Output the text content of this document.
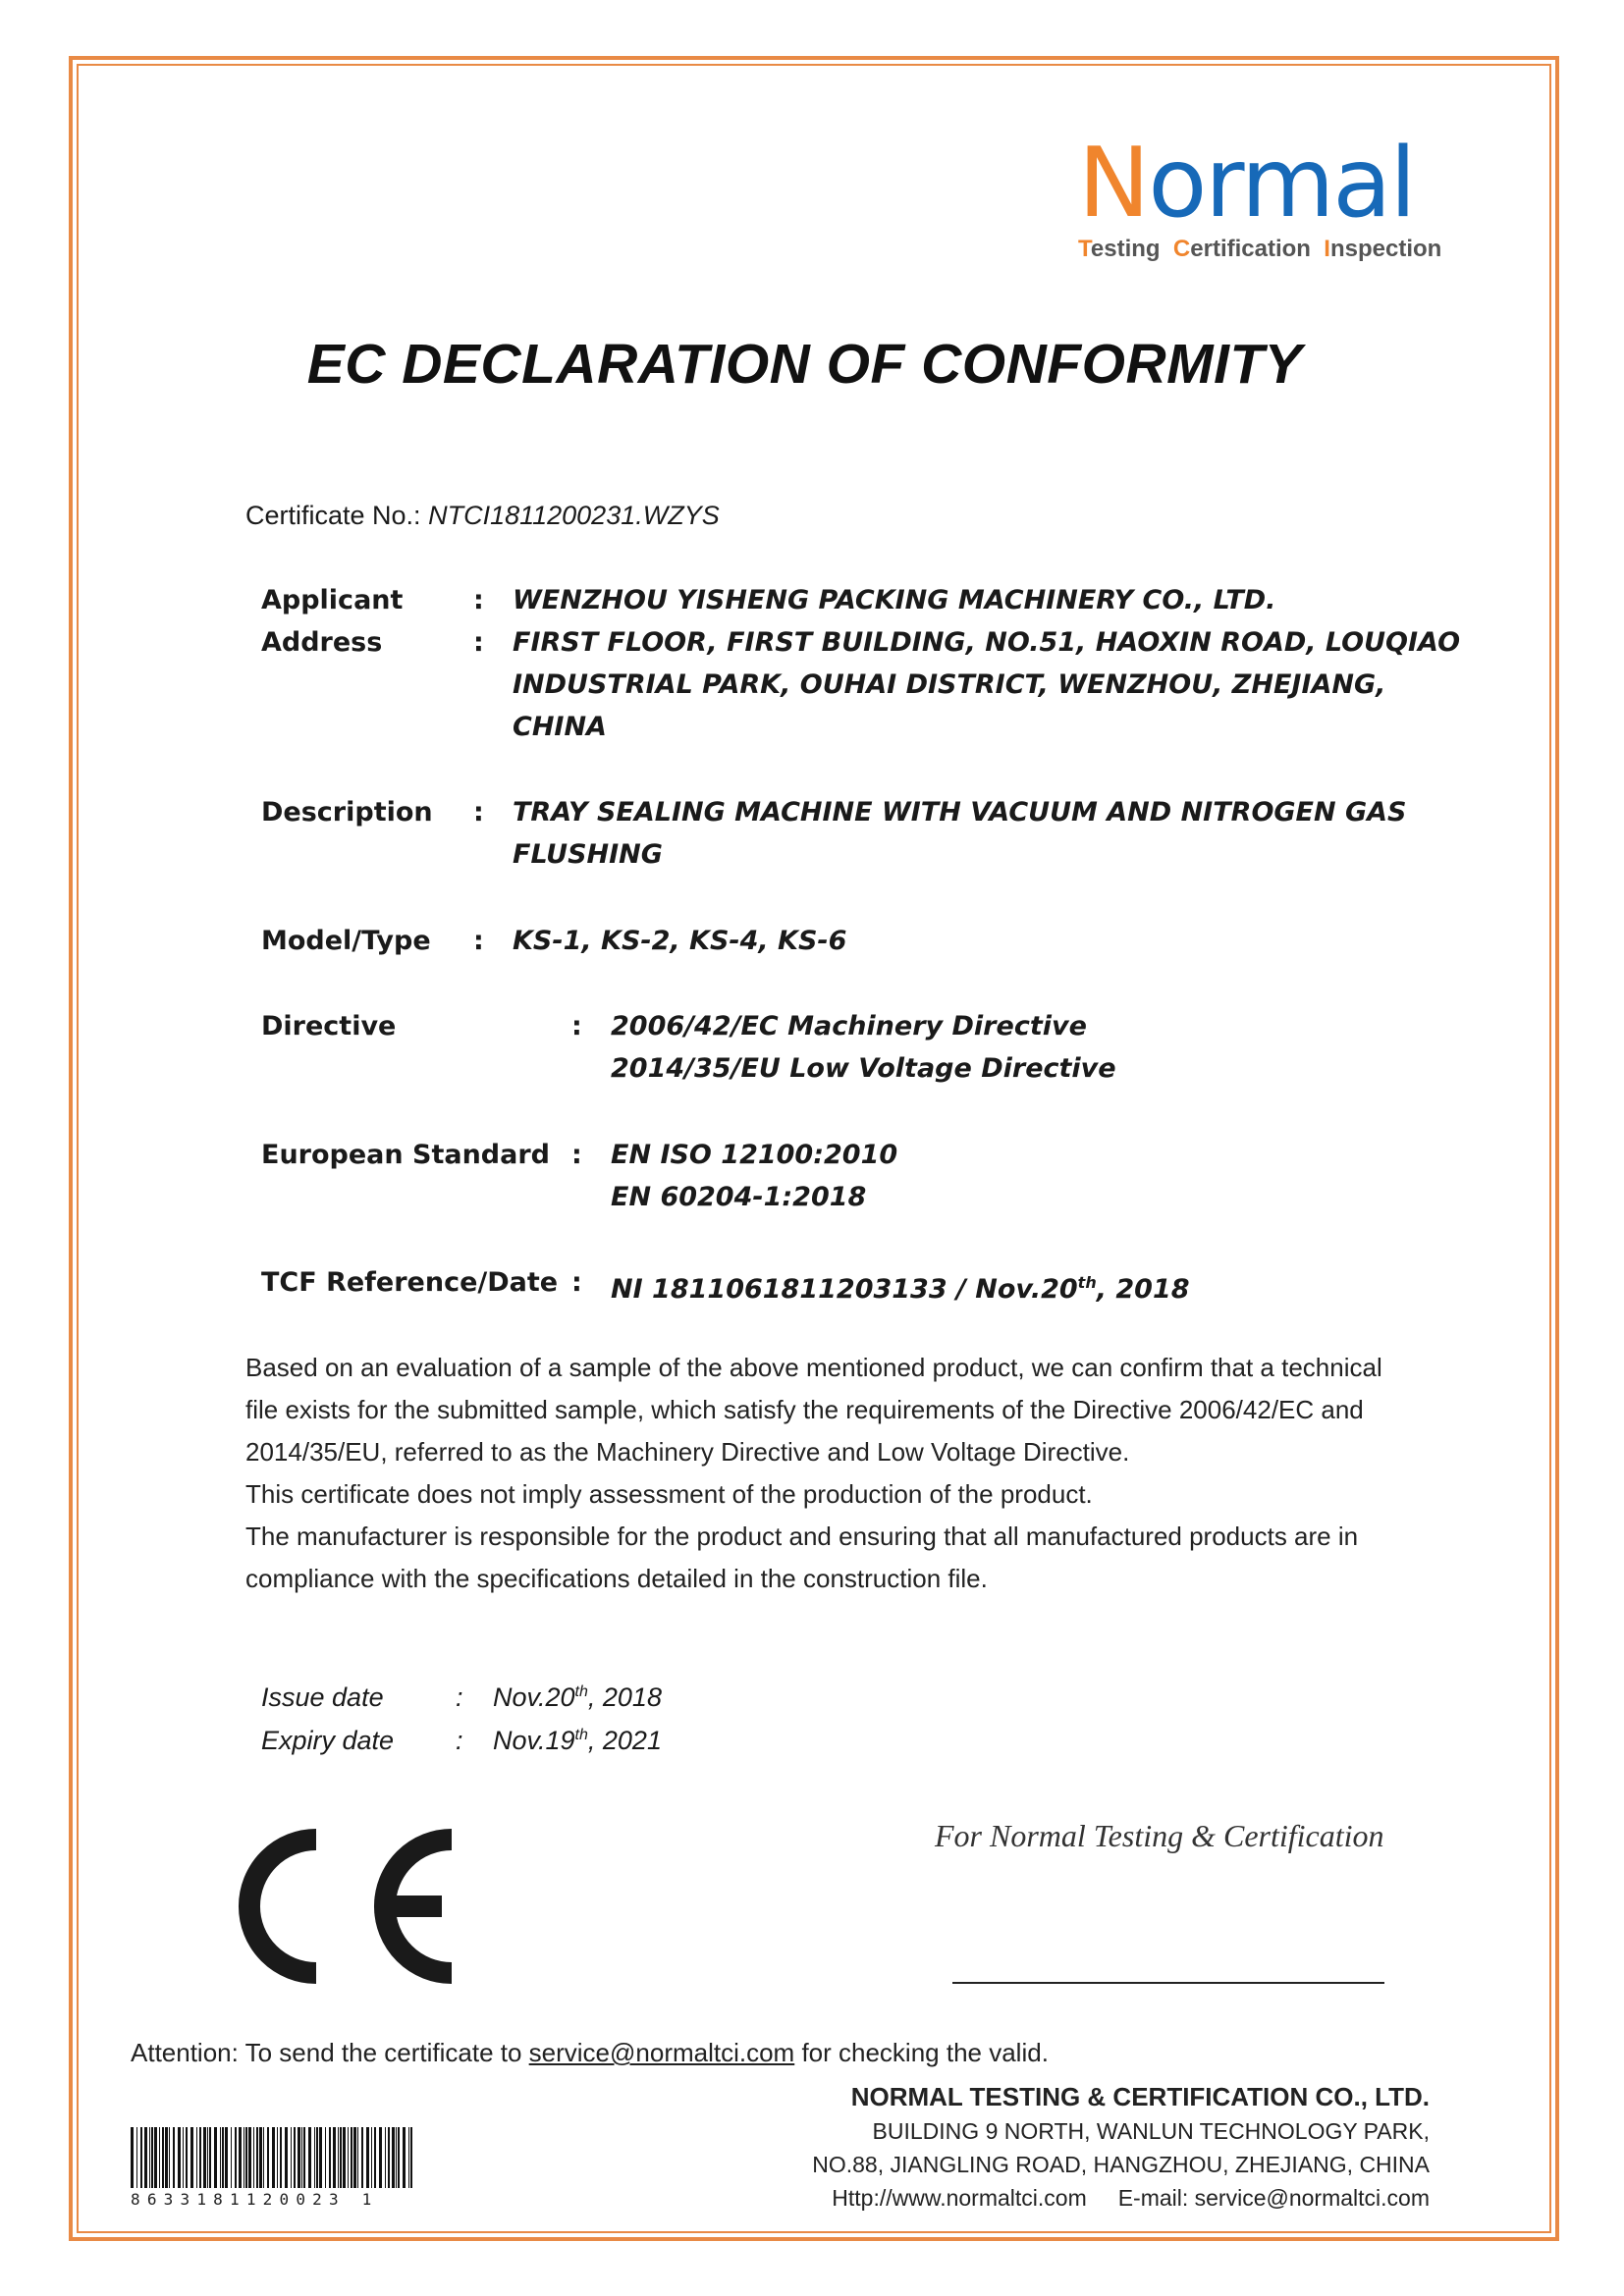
Normal
Testing Certification Inspection
EC DECLARATION OF CONFORMITY
Certificate No.: NTCI1811200231.WZYS
Applicant	: WENZHOU YISHENG PACKING MACHINERY CO., LTD.
Address	: FIRST FLOOR, FIRST BUILDING, NO.51, HAOXIN ROAD, LOUQIAO
INDUSTRIAL PARK, OUHAI DISTRICT, WENZHOU, ZHEJIANG,
CHINA
Description : TRAY SEALING MACHINE WITH VACUUM AND NITROGEN GAS
FLUSHING
Model/Type : KS-1, KS-2, KS-4, KS-6
Directive	: 2006/42/EC Machinery Directive
2014/35/EU Low Voltage Directive
European Standard : EN ISO 12100:2010
EN 60204-1:2018
TCF Reference/Date : NI 1811061811203133 / Nov.20th, 2018

Based on an evaluation of a sample of the above mentioned product, we can confirm that a technical file exists for the submitted sample, which satisfy the requirements of the Directive 2006/42/EC and 2014/35/EU, referred to as the Machinery Directive and Low Voltage Directive.

This certificate does not imply assessment of the production of the product.

The manufacturer is responsible for the product and ensuring that all manufactured products are in compliance with the specifications detailed in the construction file.

Issue date	: Nov.20th, 2018
Expiry date : Nov.19th, 2021
For Normal Testing & Certification
Attention: To send the certificate to service@normaltci.com for checking the valid.
NORMAL TESTING & CERTIFICATION CO., LTD.
BUILDING 9 NORTH, WANLUN TECHNOLOGY PARK,
NO.88, JIANGLING ROAD, HANGZHOU, ZHEJIANG, CHINA
Http://www.normaltci.com     E-mail: service@normaltci.com
8633181120023 1
